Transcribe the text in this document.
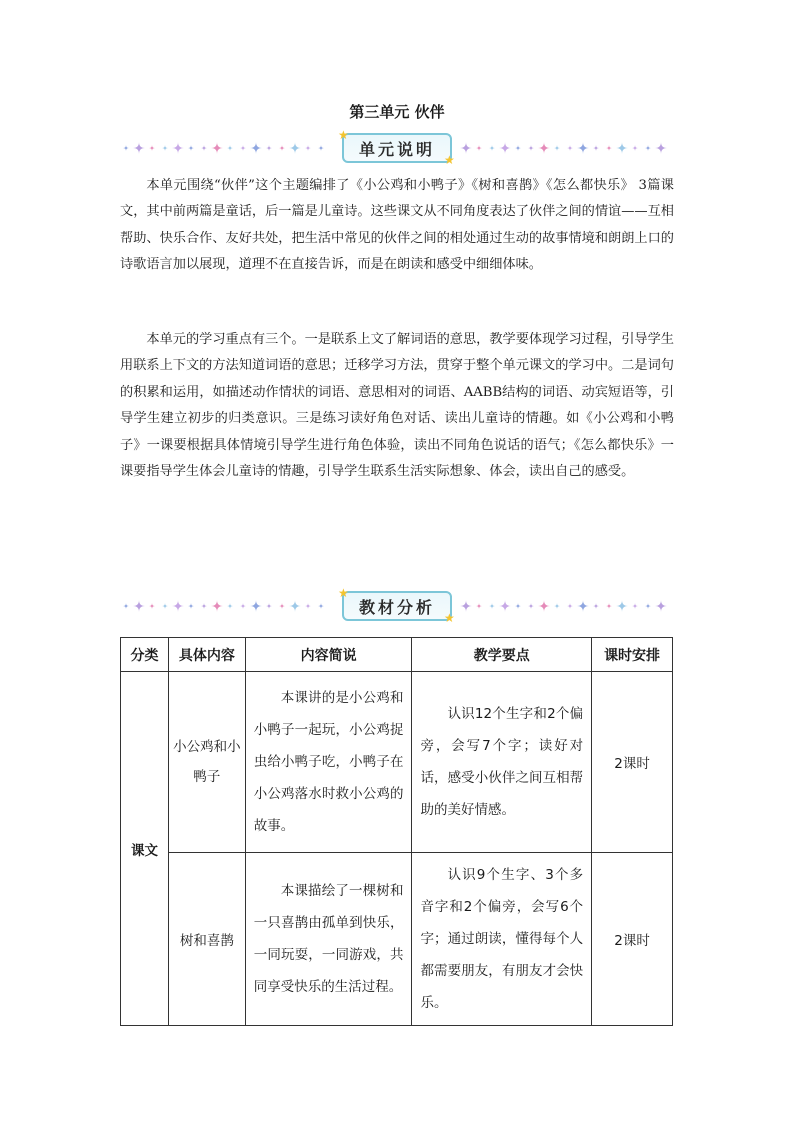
第三单元 伙伴
单元说明
★
★

本单元围绕“伙伴”这个主题编排了《小公鸡和小鸭子》《树和喜鹊》《怎么都快乐》 3篇课文，其中前两篇是童话，后一篇是儿童诗。这些课文从不同角度表达了伙伴之间的情谊——互相帮助、快乐合作、友好共处，把生活中常见的伙伴之间的相处通过生动的故事情境和朗朗上口的诗歌语言加以展现，道理不在直接告诉，而是在朗读和感受中细细体味。

本单元的学习重点有三个。一是联系上文了解词语的意思，教学要体现学习过程，引导学生用联系上下文的方法知道词语的意思；迁移学习方法，贯穿于整个单元课文的学习中。二是词句的积累和运用，如描述动作情状的词语、意思相对的词语、AABB结构的词语、动宾短语等，引导学生建立初步的归类意识。三是练习读好角色对话、读出儿童诗的情趣。如《小公鸡和小鸭子》一课要根据具体情境引导学生进行角色体验，读出不同角色说话的语气；《怎么都快乐》一课要指导学生体会儿童诗的情趣，引导学生联系生活实际想象、体会，读出自己的感受。

教材分析
★
★
分类	具体内容	内容简说	教学要点	课时安排
课文	小公鸡和小鸭子	本课讲的是小公鸡和小鸭子一起玩，小公鸡捉虫给小鸭子吃，小鸭子在小公鸡落水时救小公鸡的故事。	认识12个生字和2个偏旁，会写7个字；读好对话，感受小伙伴之间互相帮助的美好情感。	2课时
	树和喜鹊	本课描绘了一棵树和一只喜鹊由孤单到快乐，一同玩耍，一同游戏，共同享受快乐的生活过程。	认识9个生字、3个多音字和2个偏旁，会写6个字；通过朗读，懂得每个人都需要朋友，有朋友才会快乐。	2课时
